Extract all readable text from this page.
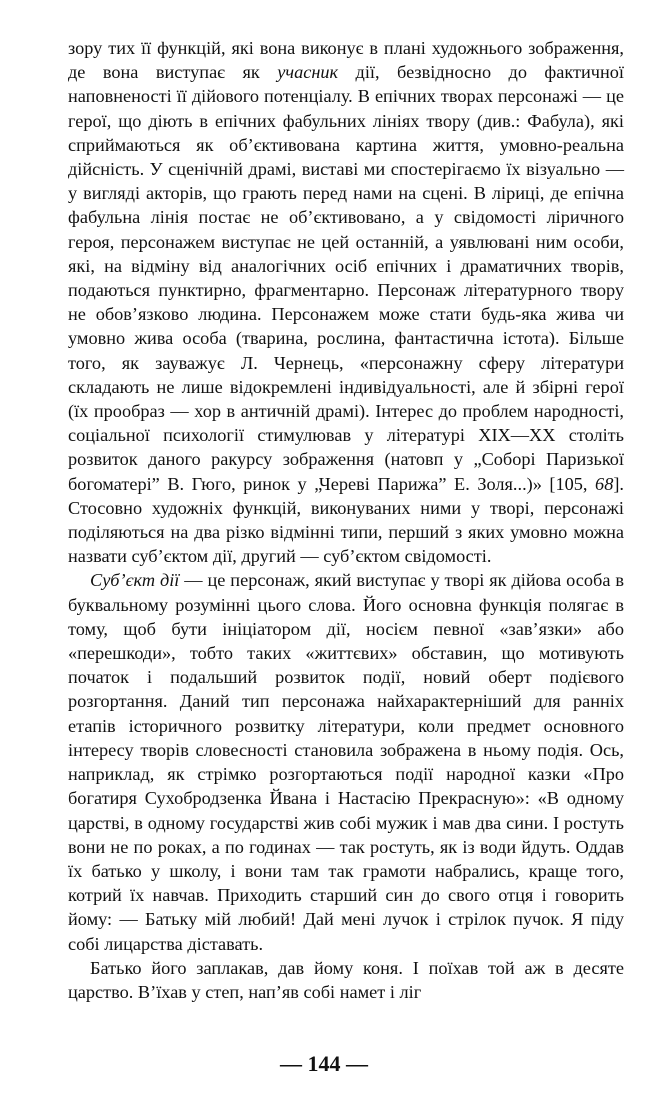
зору тих її функцій, які вона виконує в плані художнього зображення, де вона виступає як учасник дії, безвідносно до фактичної наповненості її дійового потенціалу. В епічних творах персонажі — це герої, що діють в епічних фабульних лініях твору (див.: Фабула), які сприймаються як об’єктивована картина життя, умовно-реальна дійсність. У сценічній драмі, виставі ми спостерігаємо їх візуально — у вигляді акторів, що грають перед нами на сцені. В ліриці, де епічна фабульна лінія постає не об’єктивовано, а у свідомості ліричного героя, персонажем виступає не цей останній, а уявлювані ним особи, які, на відміну від аналогічних осіб епічних і драматичних творів, подаються пунктирно, фрагментарно. Персонаж літературного твору не обов’язково людина. Персонажем може стати будь-яка жива чи умовно жива особа (тварина, рослина, фантастична істота). Більше того, як зауважує Л. Чернець, «персонажну сферу літератури складають не лише відокремлені індивідуальності, але й збірні герої (їх прообраз — хор в античній драмі). Інтерес до проблем народності, соціальної психології стимулював у літературі XIX—XX століть розвиток даного ракурсу зображення (натовп у „Соборі Паризької богоматері” В. Гюго, ринок у „Череві Парижа” Е. Золя...)» [105, 68]. Стосовно художніх функцій, виконуваних ними у творі, персонажі поділяються на два різко відмінні типи, перший з яких умовно можна назвати суб’єктом дії, другий — суб’єктом свідомості.

Суб’єкт дії — це персонаж, який виступає у творі як дійова особа в буквальному розумінні цього слова. Його основна функція полягає в тому, щоб бути ініціатором дії, носієм певної «зав’язки» або «перешкоди», тобто таких «життєвих» обставин, що мотивують початок і подальший розвиток події, новий оберт подієвого розгортання. Даний тип персонажа найхарактерніший для ранніх етапів історичного розвитку літератури, коли предмет основного інтересу творів словесності становила зображена в ньому подія. Ось, наприклад, як стрімко розгортаються події народної казки «Про богатиря Сухобродзенка Йвана і Настасію Прекрасную»: «В одному царстві, в одному государстві жив собі мужик і мав два сини. І ростуть вони не по роках, а по годинах — так ростуть, як із води йдуть. Оддав їх батько у школу, і вони там так грамоти набрались, краще того, котрий їх навчав. Приходить старший син до свого отця і говорить йому: — Батьку мій любий! Дай мені лучок і стрілок пучок. Я піду собі лицарства діставать.

Батько його заплакав, дав йому коня. І поїхав той аж в десяте царство. В’їхав у степ, нап’яв собі намет і ліг

— 144 —
